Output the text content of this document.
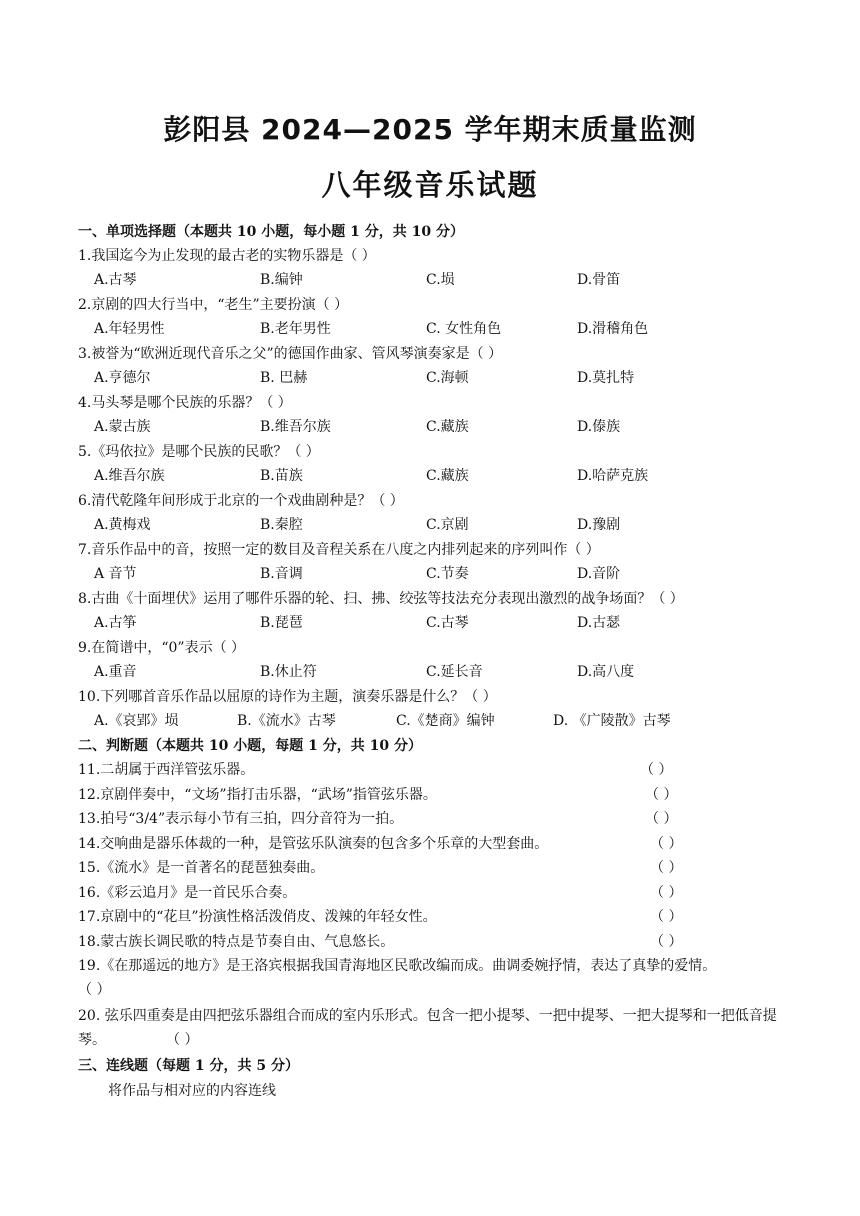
彭阳县 2024—2025 学年期末质量监测
八年级音乐试题
一、单项选择题（本题共 10 小题，每小题 1 分，共 10 分）
1.我国迄今为止发现的最古老的实物乐器是（ ）
A.古琴	B.编钟	C.埙	D.骨笛
2.京剧的四大行当中，“老生”主要扮演（ ）
A.年轻男性	B.老年男性	C. 女性角色	D.滑稽角色
3.被誉为“欧洲近现代音乐之父”的德国作曲家、管风琴演奏家是（ ）
A.亨德尔	B. 巴赫	C.海顿	D.莫扎特
4.马头琴是哪个民族的乐器？（ ）
A.蒙古族	B.维吾尔族	C.藏族	D.傣族
5.《玛依拉》是哪个民族的民歌？（ ）
A.维吾尔族	B.苗族	C.藏族	D.哈萨克族
6.清代乾隆年间形成于北京的一个戏曲剧种是？（ ）
A.黄梅戏	B.秦腔	C.京剧	D.豫剧
7.音乐作品中的音，按照一定的数目及音程关系在八度之内排列起来的序列叫作（ ）
A 音节	B.音调	C.节奏	D.音阶
8.古曲《十面埋伏》运用了哪件乐器的轮、扫、拂、绞弦等技法充分表现出激烈的战争场面？（ ）
A.古筝	B.琵琶	C.古琴	D.古瑟
9.在简谱中，“0”表示（ ）
A.重音	B.休止符	C.延长音	D.高八度
10.下列哪首音乐作品以屈原的诗作为主题，演奏乐器是什么？（ ）
A.《哀郢》埙	B.《流水》古琴	C.《楚商》编钟	D. 《广陵散》古琴
二、判断题（本题共 10 小题，每题 1 分，共 10 分）
11.二胡属于西洋管弦乐器。	（ ）
12.京剧伴奏中，“文场”指打击乐器，“武场”指管弦乐器。	（ ）
13.拍号“3/4”表示每小节有三拍，四分音符为一拍。	（ ）
14.交响曲是器乐体裁的一种，是管弦乐队演奏的包含多个乐章的大型套曲。	（ ）
15.《流水》是一首著名的琵琶独奏曲。	（ ）
16.《彩云追月》是一首民乐合奏。	（ ）
17.京剧中的“花旦”扮演性格活泼俏皮、泼辣的年轻女性。	（ ）
18.蒙古族长调民歌的特点是节奏自由、气息悠长。	（ ）
19.《在那遥远的地方》是王洛宾根据我国青海地区民歌改编而成。曲调委婉抒情，表达了真挚的爱情。
（ ）
20. 弦乐四重奏是由四把弦乐器组合而成的室内乐形式。包含一把小提琴、一把中提琴、一把大提琴和一把低音提琴。	（ ）
三、连线题（每题 1 分，共 5 分）
将作品与相对应的内容连线
